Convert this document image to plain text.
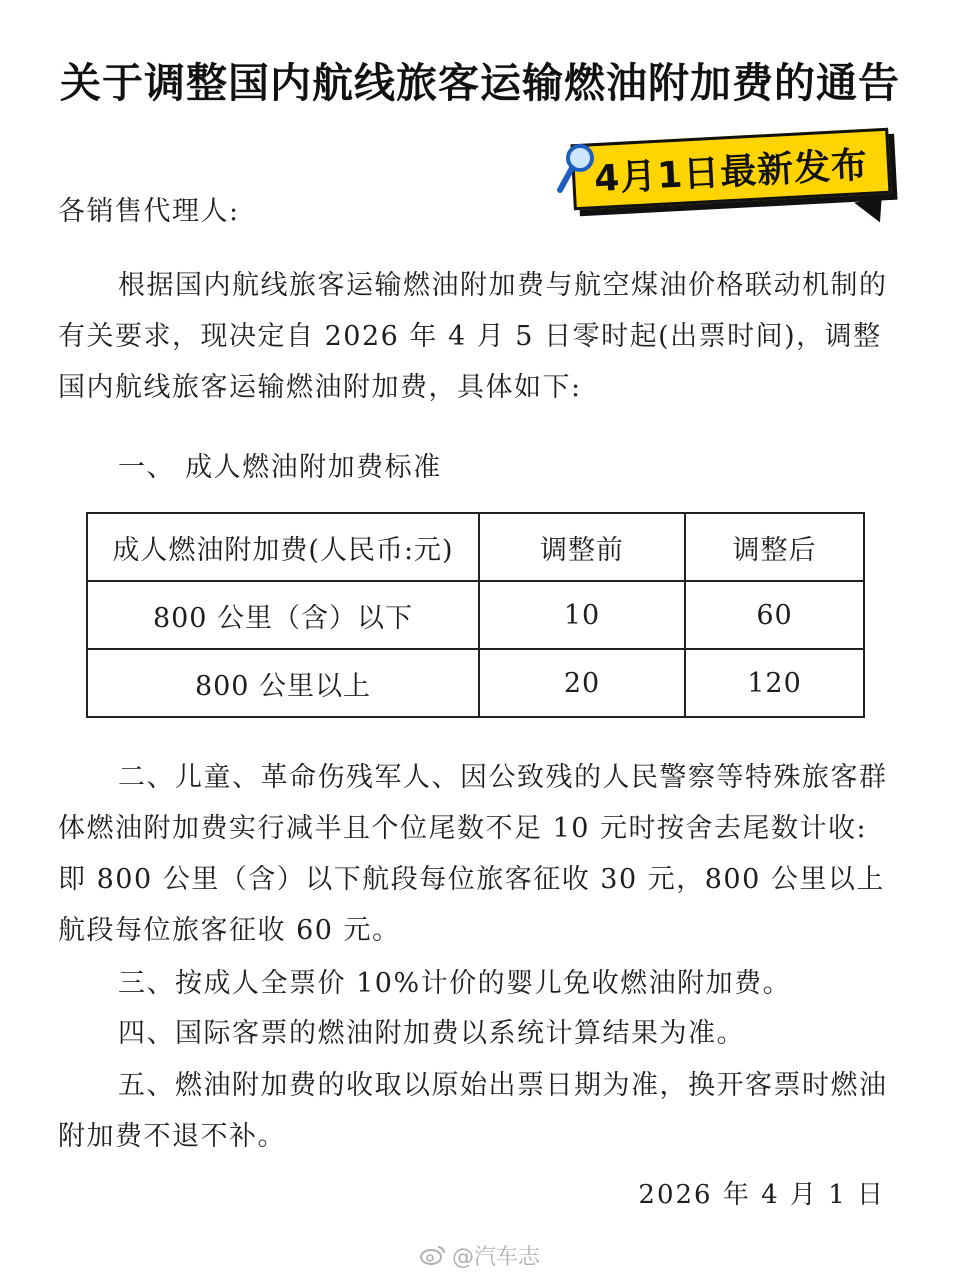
关于调整国内航线旅客运输燃油附加费的通告
4月1日最新发布
各销售代理人:
根据国内航线旅客运输燃油附加费与航空煤油价格联动机制的有关要求，现决定自 2026 年 4 月 5 日零时起(出票时间)，调整国内航线旅客运输燃油附加费，具体如下:
一、 成人燃油附加费标准
成人燃油附加费(人民币:元)	调整前	调整后
800 公里（含）以下	10	60
800 公里以上	20	120
二、儿童、革命伤残军人、因公致残的人民警察等特殊旅客群体燃油附加费实行减半且个位尾数不足 10 元时按舍去尾数计收: 即 800 公里（含）以下航段每位旅客征收 30 元，800 公里以上航段每位旅客征收 60 元。
三、按成人全票价 10%计价的婴儿免收燃油附加费。
四、国际客票的燃油附加费以系统计算结果为准。
五、燃油附加费的收取以原始出票日期为准，换开客票时燃油附加费不退不补。
2026 年 4 月 1 日
@汽车志
